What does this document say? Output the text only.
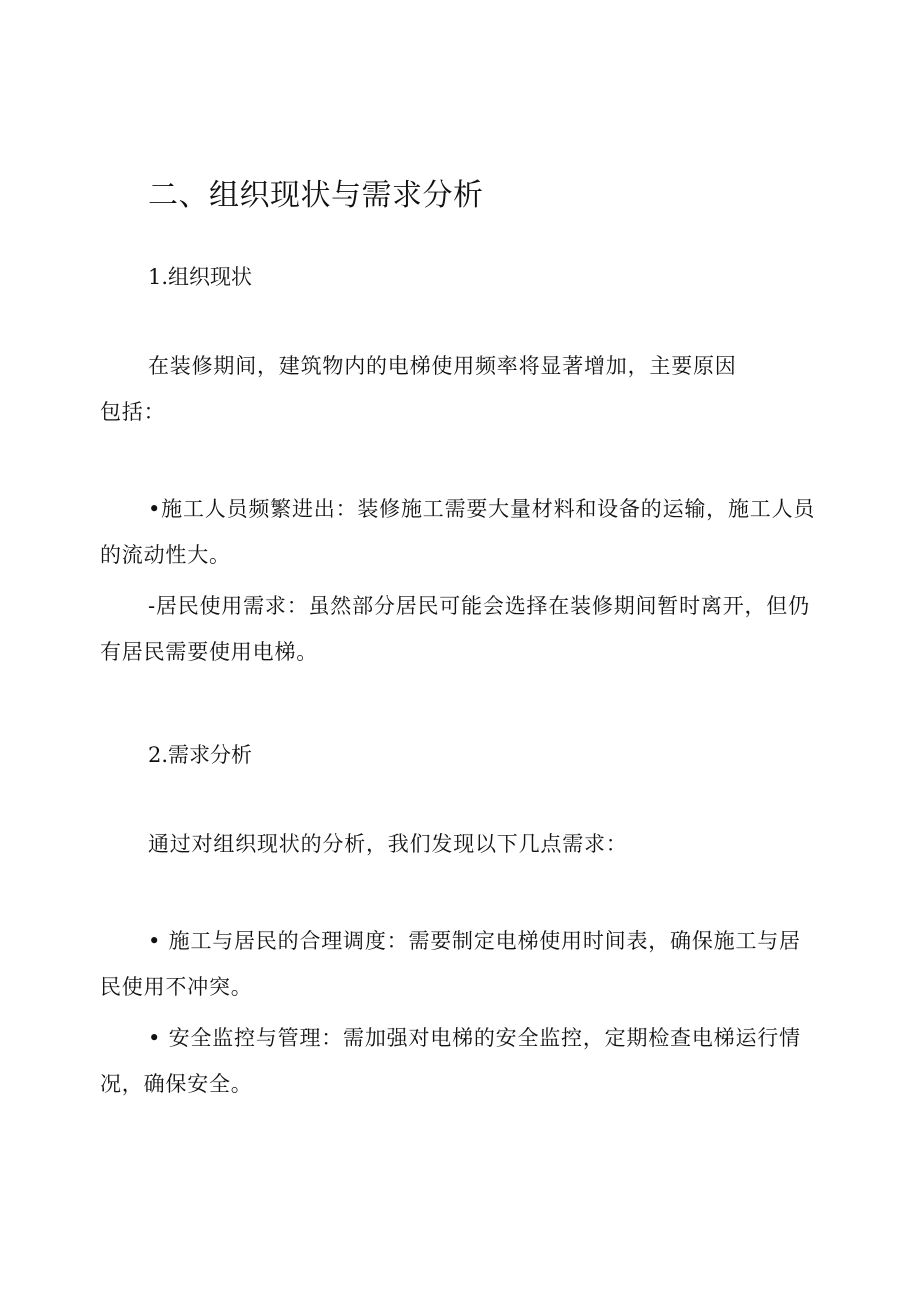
二、组织现状与需求分析
1.组织现状
在装修期间，建筑物内的电梯使用频率将显著增加，主要原因
包括：
•施工人员频繁进出：装修施工需要大量材料和设备的运输，施工人员
的流动性大。
-居民使用需求：虽然部分居民可能会选择在装修期间暂时离开，但仍
有居民需要使用电梯。
2.需求分析
通过对组织现状的分析，我们发现以下几点需求：
• 施工与居民的合理调度：需要制定电梯使用时间表，确保施工与居
民使用不冲突。
• 安全监控与管理：需加强对电梯的安全监控，定期检查电梯运行情
况，确保安全。
